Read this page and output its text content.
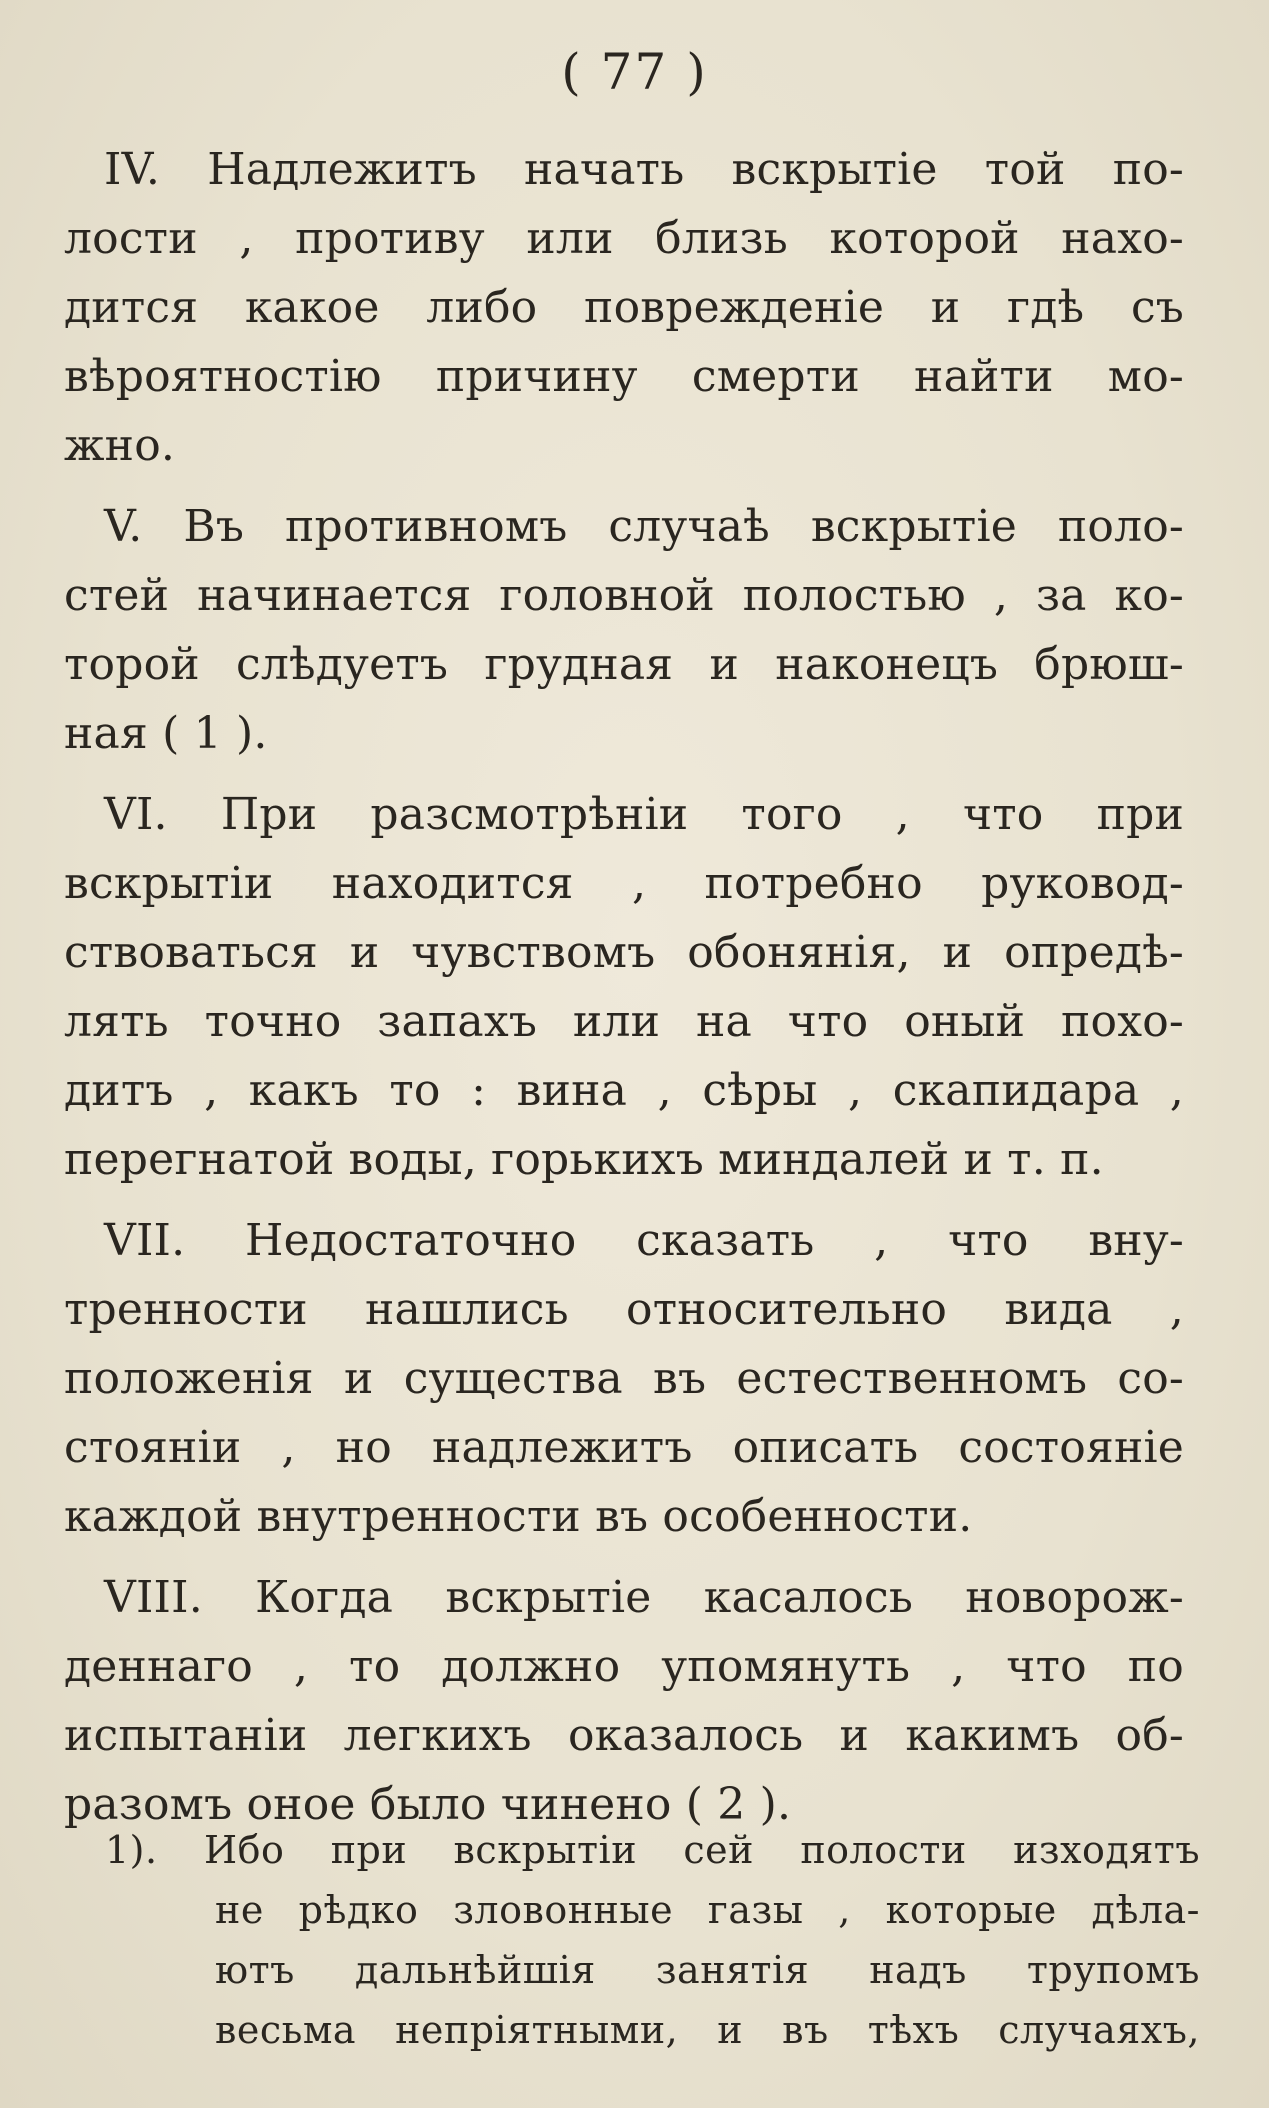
( 77 )
IV. Надлежитъ начать вскрытіе той по-
лости , противу или близь которой нахо-
дится какое либо поврежденіе и гдѣ съ
вѣроятностію причину смерти найти мо-
жно.
V. Въ противномъ случаѣ вскрытіе поло-
стей начинается головной полостью , за ко-
торой слѣдуетъ грудная и наконецъ брюш-
ная ( 1 ).
VI. При разсмотрѣніи того , что при
вскрытіи находится , потребно руковод-
ствоваться и чувствомъ обонянія, и опредѣ-
лять точно запахъ или на что оный похо-
дитъ , какъ то : вина , сѣры , скапидара ,
перегнатой воды, горькихъ миндалей и т. п.
VII. Недостаточно сказать , что вну-
тренности нашлись относительно вида ,
положенія и существа въ естественномъ со-
стояніи , но надлежитъ описать состояніе
каждой внутренности въ особенности.
VIII. Когда вскрытіе касалось новорож-
деннаго , то должно упомянуть , что по
испытаніи легкихъ оказалось и какимъ об-
разомъ оное было чинено ( 2 ).
1). Ибо при вскрытіи сей полости изходятъ
не рѣдко зловонные газы , которые дѣла-
ютъ дальнѣйшія занятія надъ трупомъ
весьма непріятными, и въ тѣхъ случаяхъ,
